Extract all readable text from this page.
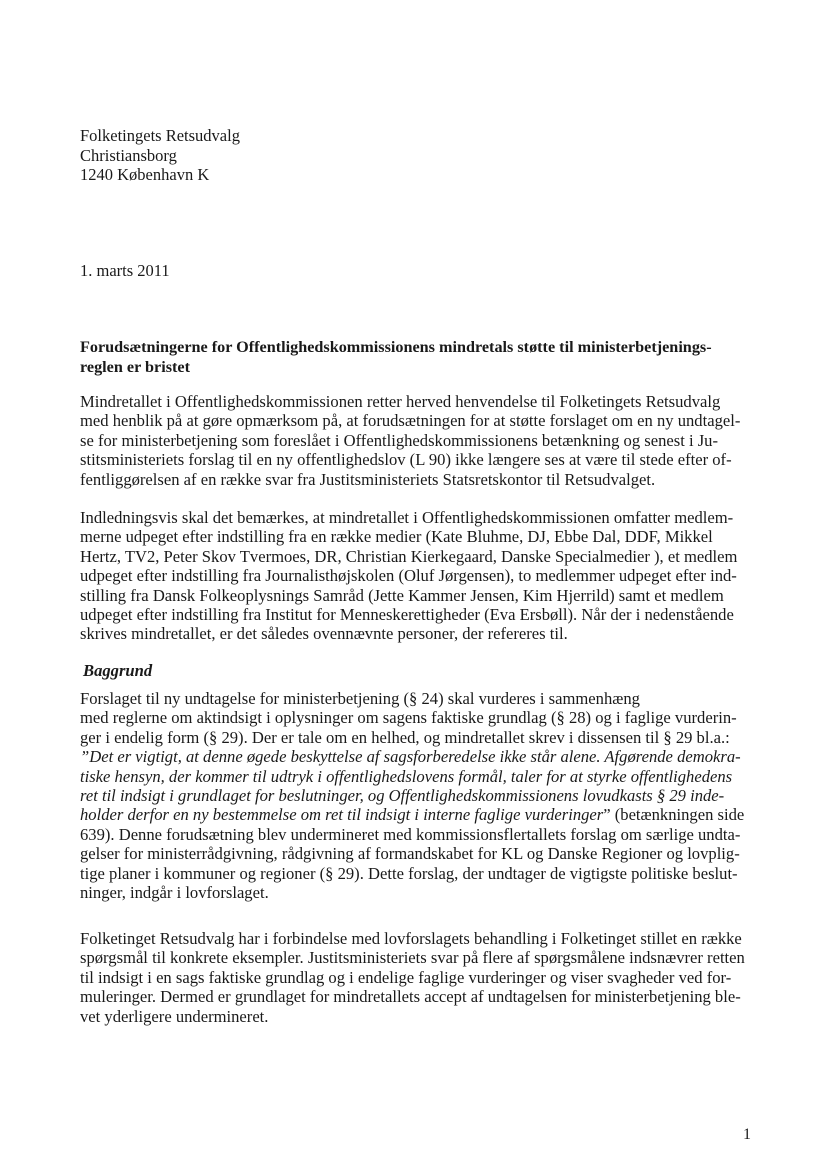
Folketingets Retsudvalg
Christiansborg
1240 København K
1. marts 2011
Forudsætningerne for Offentlighedskommissionens mindretals støtte til ministerbetjenings-
reglen er bristet
Mindretallet i Offentlighedskommissionen retter herved henvendelse til Folketingets Retsudvalg
med henblik på at gøre opmærksom på, at forudsætningen for at støtte forslaget om en ny undtagel-
se for ministerbetjening som foreslået i Offentlighedskommissionens betænkning og senest i Ju-
stitsministeriets forslag til en ny offentlighedslov (L 90) ikke længere ses at være til stede efter of-
fentliggørelsen af en række svar fra Justitsministeriets Statsretskontor til Retsudvalget.
Indledningsvis skal det bemærkes, at mindretallet i Offentlighedskommissionen omfatter medlem-
merne udpeget efter indstilling fra en række medier (Kate Bluhme, DJ, Ebbe Dal, DDF, Mikkel
Hertz, TV2, Peter Skov Tvermoes, DR, Christian Kierkegaard, Danske Specialmedier ), et medlem
udpeget efter indstilling fra Journalisthøjskolen (Oluf Jørgensen), to medlemmer udpeget efter ind-
stilling fra Dansk Folkeoplysnings Samråd (Jette Kammer Jensen, Kim Hjerrild) samt et medlem
udpeget efter indstilling fra Institut for Menneskerettigheder (Eva Ersbøll). Når der i nedenstående
skrives mindretallet, er det således ovennævnte personer, der refereres til.
Baggrund
Forslaget til ny undtagelse for ministerbetjening (§ 24) skal vurderes i sammenhæng
med reglerne om aktindsigt i oplysninger om sagens faktiske grundlag (§ 28) og i faglige vurderin-
ger i endelig form (§ 29). Der er tale om en helhed, og mindretallet skrev i dissensen til § 29 bl.a.:
”Det er vigtigt, at denne øgede beskyttelse af sagsforberedelse ikke står alene. Afgørende demokra-
tiske hensyn, der kommer til udtryk i offentlighedslovens formål, taler for at styrke offentlighedens
ret til indsigt i grundlaget for beslutninger, og Offentlighedskommissionens lovudkasts § 29 inde-
holder derfor en ny bestemmelse om ret til indsigt i interne faglige vurderinger” (betænkningen side
639). Denne forudsætning blev undermineret med kommissionsflertallets forslag om særlige undta-
gelser for ministerrådgivning, rådgivning af formandskabet for KL og Danske Regioner og lovplig-
tige planer i kommuner og regioner (§ 29). Dette forslag, der undtager de vigtigste politiske beslut-
ninger, indgår i lovforslaget.
Folketinget Retsudvalg har i forbindelse med lovforslagets behandling i Folketinget stillet en række
spørgsmål til konkrete eksempler. Justitsministeriets svar på flere af spørgsmålene indsnævrer retten
til indsigt i en sags faktiske grundlag og i endelige faglige vurderinger og viser svagheder ved for-
muleringer. Dermed er grundlaget for mindretallets accept af undtagelsen for ministerbetjening ble-
vet yderligere undermineret.
1
